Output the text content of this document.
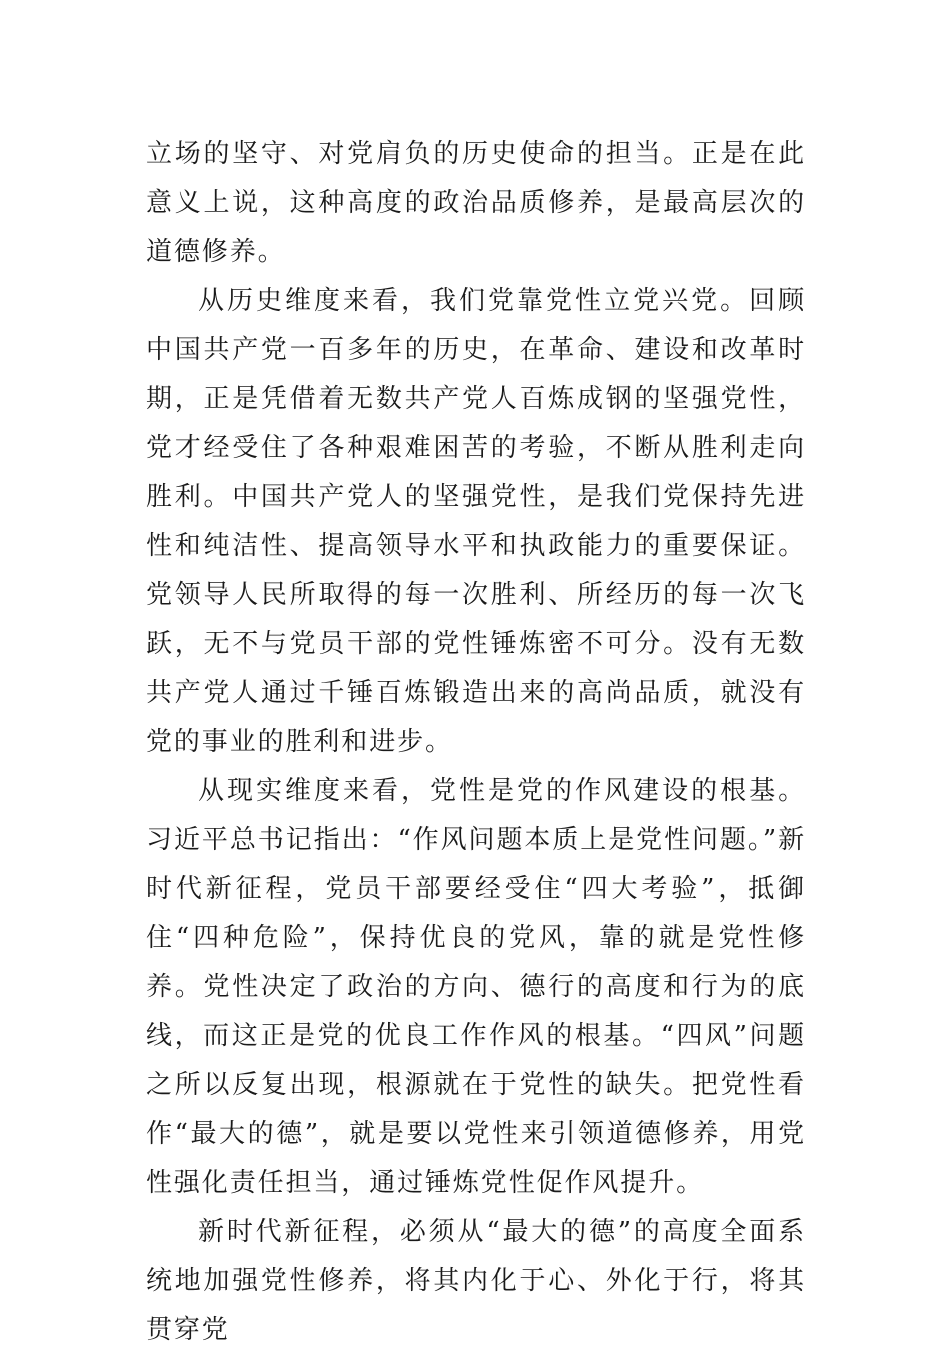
立场的坚守、对党肩负的历史使命的担当。正是在此意义上说，这种高度的政治品质修养，是最高层次的道德修养。

从历史维度来看，我们党靠党性立党兴党。回顾中国共产党一百多年的历史，在革命、建设和改革时期，正是凭借着无数共产党人百炼成钢的坚强党性，党才经受住了各种艰难困苦的考验，不断从胜利走向胜利。中国共产党人的坚强党性，是我们党保持先进性和纯洁性、提高领导水平和执政能力的重要保证。党领导人民所取得的每一次胜利、所经历的每一次飞跃，无不与党员干部的党性锤炼密不可分。没有无数共产党人通过千锤百炼锻造出来的高尚品质，就没有党的事业的胜利和进步。

从现实维度来看，党性是党的作风建设的根基。习近平总书记指出：“作风问题本质上是党性问题。”新时代新征程，党员干部要经受住“四大考验”，抵御住“四种危险”，保持优良的党风，靠的就是党性修养。党性决定了政治的方向、德行的高度和行为的底线，而这正是党的优良工作作风的根基。“四风”问题之所以反复出现，根源就在于党性的缺失。把党性看作“最大的德”，就是要以党性来引领道德修养，用党性强化责任担当，通过锤炼党性促作风提升。

新时代新征程，必须从“最大的德”的高度全面系统地加强党性修养，将其内化于心、外化于行，将其贯穿党
